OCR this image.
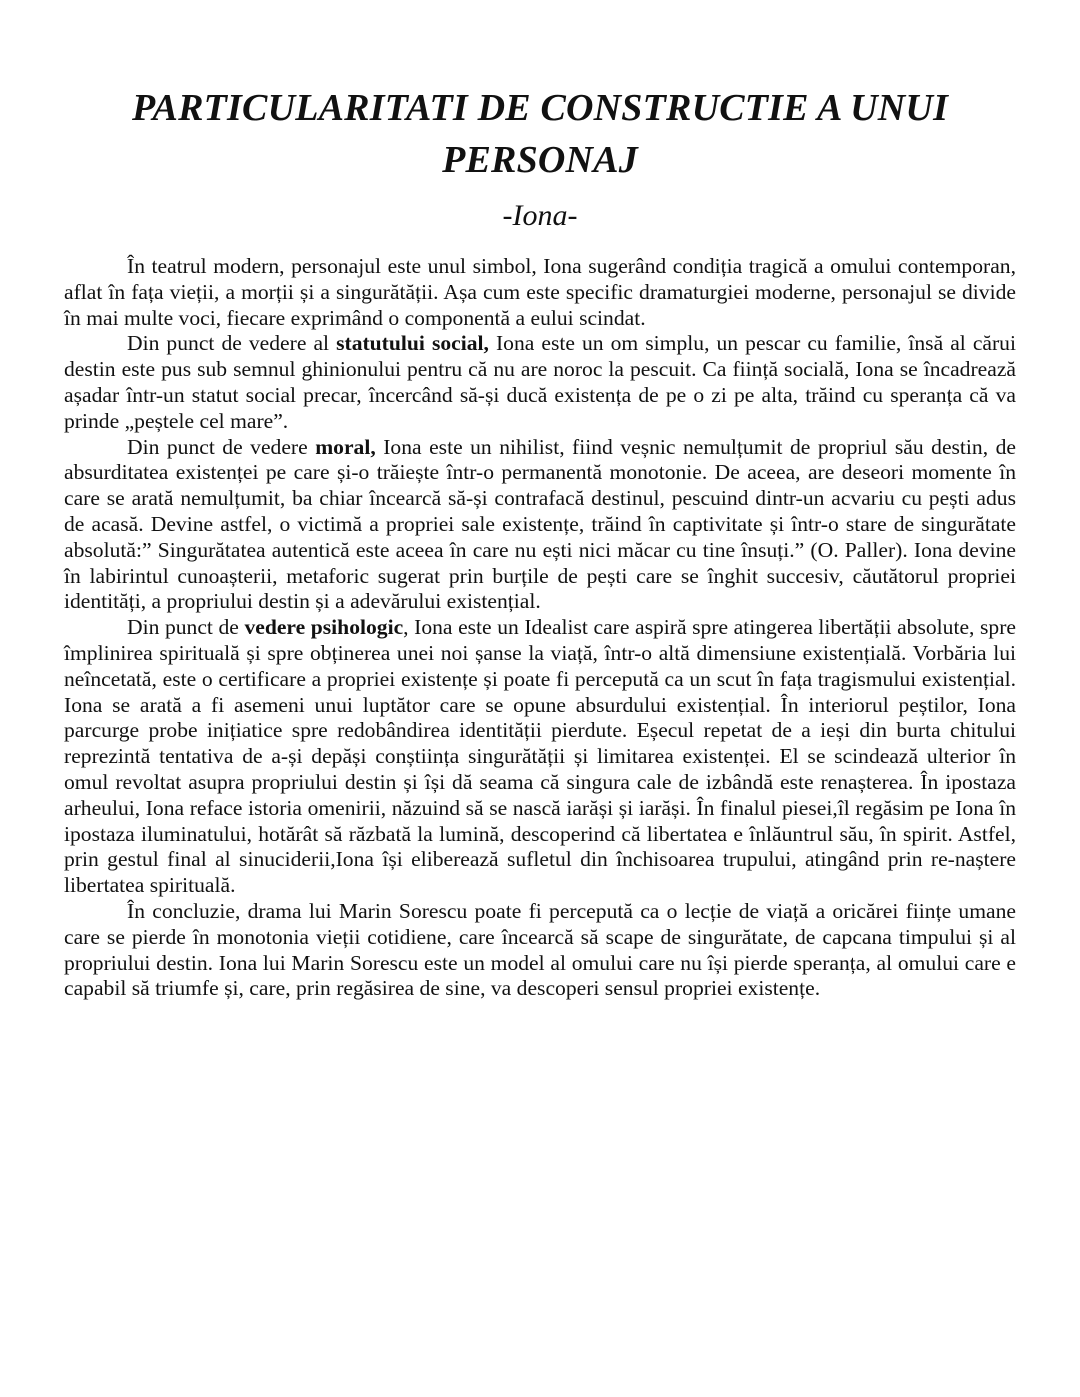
PARTICULARITATI DE CONSTRUCTIE A UNUI PERSONAJ
-Iona-

În teatrul modern, personajul este unul simbol, Iona sugerând condiția tragică a omului contemporan, aflat în fața vieții, a morții și a singurătății. Așa cum este specific dramaturgiei moderne, personajul se divide în mai multe voci, fiecare exprimând o componentă a eului scindat.

Din punct de vedere al statutului social, Iona este un om simplu, un pescar cu familie, însă al cărui destin este pus sub semnul ghinionului pentru că nu are noroc la pescuit. Ca ființă socială, Iona se încadrează așadar într-un statut social precar, încercând să-și ducă existența de pe o zi pe alta, trăind cu speranța că va prinde „peștele cel mare”.

Din punct de vedere moral, Iona este un nihilist, fiind veșnic nemulțumit de propriul său destin, de absurditatea existenței pe care și-o trăiește într-o permanentă monotonie. De aceea, are deseori momente în care se arată nemulțumit, ba chiar încearcă să-și contrafacă destinul, pescuind dintr-un acvariu cu pești adus de acasă. Devine astfel, o victimă a propriei sale existențe, trăind în captivitate și într-o stare de singurătate absolută:” Singurătatea autentică este aceea în care nu ești nici măcar cu tine însuți.” (O. Paller). Iona devine în labirintul cunoașterii, metaforic sugerat prin burțile de pești care se înghit succesiv, căutătorul propriei identități, a propriului destin și a adevărului existențial.

Din punct de vedere psihologic, Iona este un Idealist care aspiră spre atingerea libertății absolute, spre împlinirea spirituală și spre obținerea unei noi șanse la viață, într-o altă dimensiune existențială. Vorbăria lui neîncetată, este o certificare a propriei existențe și poate fi percepută ca un scut în fața tragismului existențial. Iona se arată a fi asemeni unui luptător care se opune absurdului existențial. În interiorul peștilor, Iona parcurge probe inițiatice spre redobândirea identității pierdute. Eșecul repetat de a ieși din burta chitului reprezintă tentativa de a-și depăși conștiința singurătății și limitarea existenței. El se scindează ulterior în omul revoltat asupra propriului destin și își dă seama că singura cale de izbândă este renașterea. În ipostaza arheului, Iona reface istoria omenirii, năzuind să se nască iarăși și iarăși. În finalul piesei,îl regăsim pe Iona în ipostaza iluminatului, hotărât să răzbată la lumină, descoperind că libertatea e înlăuntrul său, în spirit. Astfel, prin gestul final al sinuciderii,Iona își eliberează sufletul din închisoarea trupului, atingând prin re-naștere libertatea spirituală.

În concluzie, drama lui Marin Sorescu poate fi percepută ca o lecție de viață a oricărei ființe umane care se pierde în monotonia vieții cotidiene, care încearcă să scape de singurătate, de capcana timpului și al propriului destin. Iona lui Marin Sorescu este un model al omului care nu își pierde speranța, al omului care e capabil să triumfe și, care, prin regăsirea de sine, va descoperi sensul propriei existențe.
